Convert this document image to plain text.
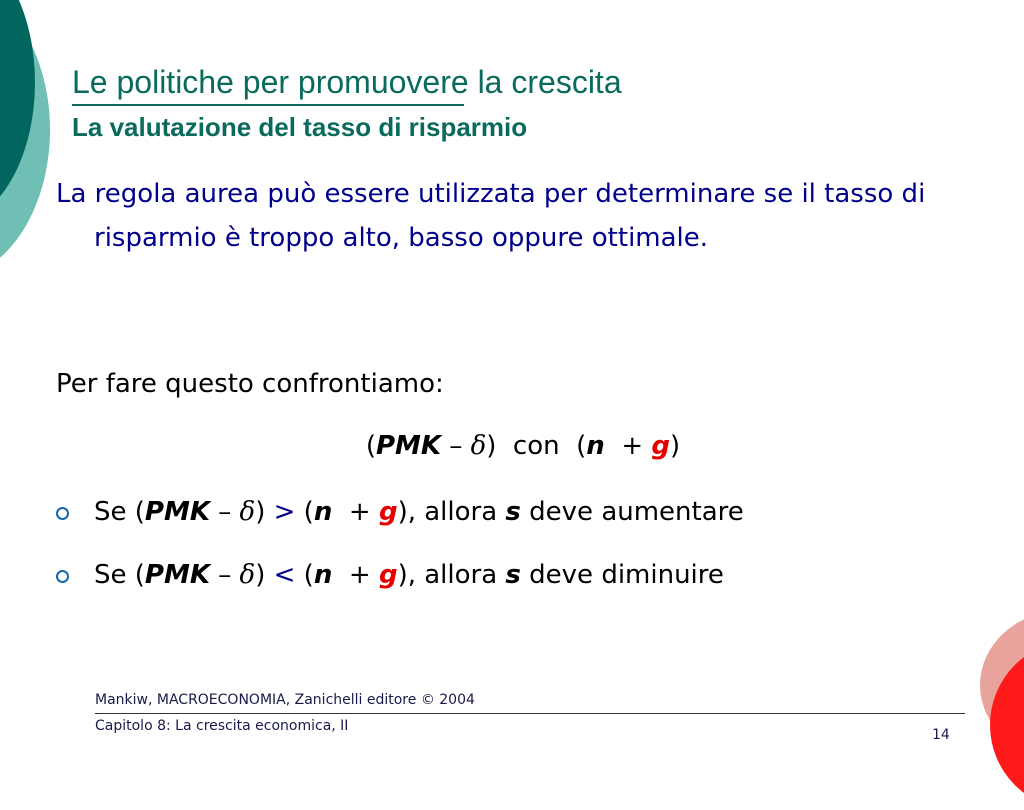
Le politiche per promuovere la crescita
La valutazione del tasso di risparmio
La regola aurea può essere utilizzata per determinare se il tasso di risparmio è troppo alto, basso oppure ottimale.
Per fare questo confrontiamo:
(PMK – δ) con (n + g)
Se (PMK – δ) > (n + g), allora s deve aumentare
Se (PMK – δ) < (n + g), allora s deve diminuire
Mankiw, MACROECONOMIA, Zanichelli editore © 2004
Capitolo 8: La crescita economica, II
14
